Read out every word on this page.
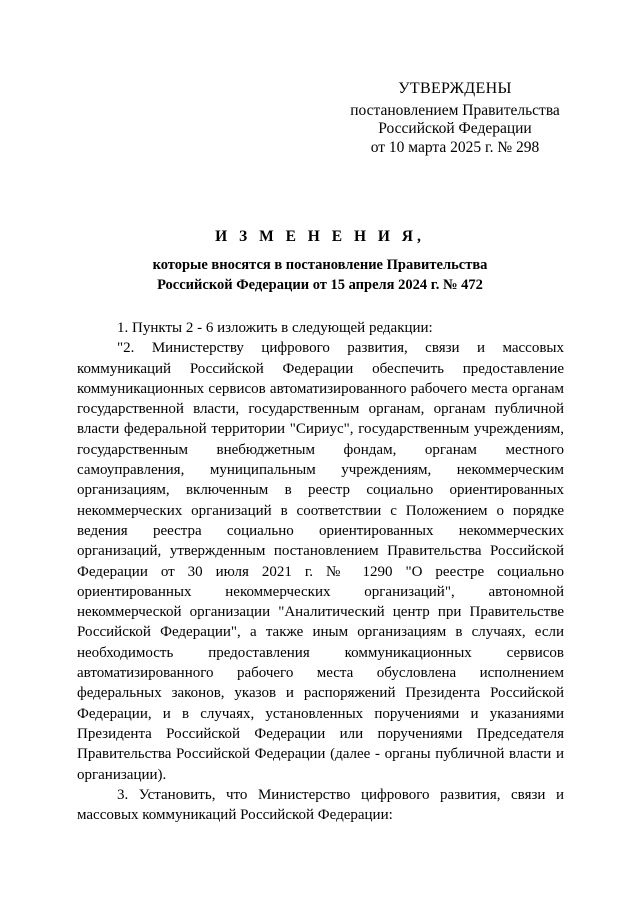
УТВЕРЖДЕНЫ
постановлением Правительства
Российской Федерации
от 10 марта 2025 г. № 298
И З М Е Н Е Н И Я,
которые вносятся в постановление Правительства
Российской Федерации от 15 апреля 2024 г. № 472

1. Пункты 2 - 6 изложить в следующей редакции:

"2. Министерству цифрового развития, связи и массовых коммуникаций Российской Федерации обеспечить предоставление коммуникационных сервисов автоматизированного рабочего места органам государственной власти, государственным органам, органам публичной власти федеральной территории "Сириус", государственным учреждениям, государственным внебюджетным фондам, органам местного самоуправления, муниципальным учреждениям, некоммерческим организациям, включенным в реестр социально ориентированных некоммерческих организаций в соответствии с Положением о порядке ведения реестра социально ориентированных некоммерческих организаций, утвержденным постановлением Правительства Российской Федерации от 30 июля 2021 г. № 1290 "О реестре социально ориентированных некоммерческих организаций", автономной некоммерческой организации "Аналитический центр при Правительстве Российской Федерации", а также иным организациям в случаях, если необходимость предоставления коммуникационных сервисов автоматизированного рабочего места обусловлена исполнением федеральных законов, указов и распоряжений Президента Российской Федерации, и в случаях, установленных поручениями и указаниями Президента Российской Федерации или поручениями Председателя Правительства Российской Федерации (далее - органы публичной власти и организации).

3. Установить, что Министерство цифрового развития, связи и массовых коммуникаций Российской Федерации:
